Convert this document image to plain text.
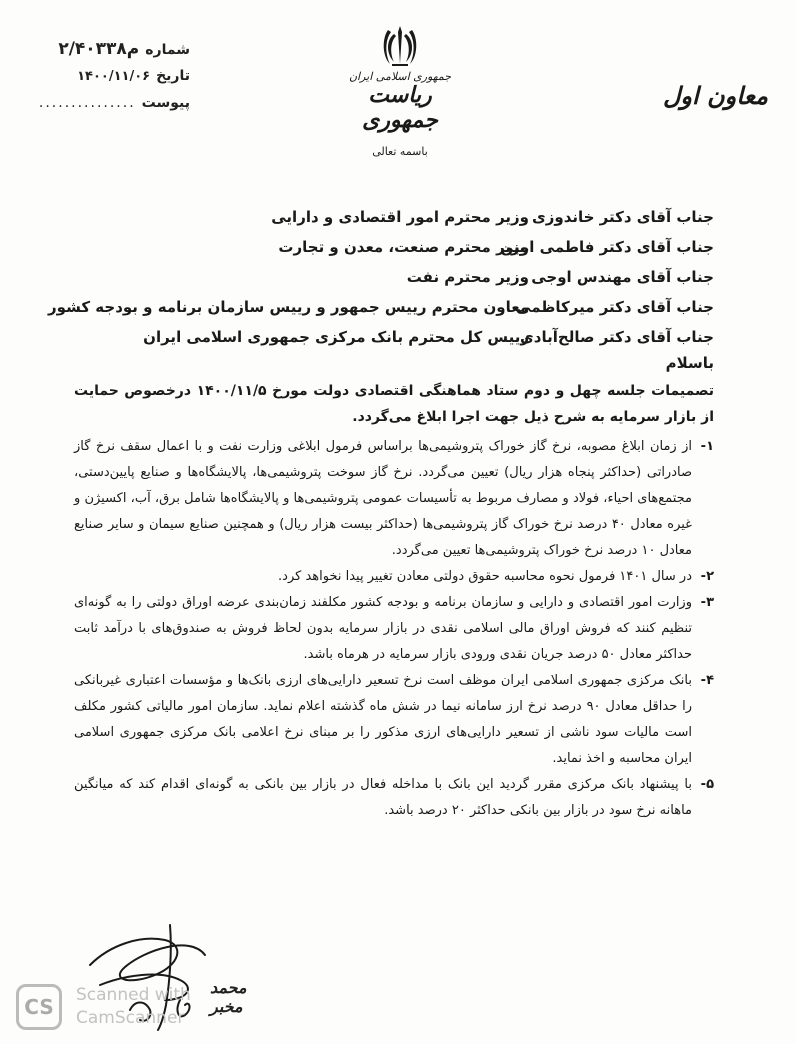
شماره
۲/۴۰۳۳۸م
تاریخ
۱۴۰۰/۱۱/۰۶
پیوست
...............
جمهوری اسلامی ایران
ریاست جمهوری
باسمه تعالی
معاون اول
جناب آقای دکتر خاندوزی
وزیر محترم امور اقتصادی و دارایی
جناب آقای دکتر فاطمی امین
وزیر محترم صنعت، معدن و تجارت
جناب آقای مهندس اوجی
وزیر محترم نفت
جناب آقای دکتر میرکاظمی
معاون محترم رییس جمهور و رییس سازمان برنامه و بودجه کشور
جناب آقای دکتر صالح‌آبادی
رییس کل محترم بانک مرکزی جمهوری اسلامی ایران
باسلام
تصمیمات جلسه چهل و دوم ستاد هماهنگی اقتصادی دولت مورخ ۱۴۰۰/۱۱/۵ درخصوص حمایت از بازار سرمایه به شرح ذیل جهت اجرا ابلاغ می‌گردد.
۱-
از زمان ابلاغ مصوبه، نرخ گاز خوراک پتروشیمی‌ها براساس فرمول ابلاغی وزارت نفت و با اعمال سقف نرخ گاز صادراتی (حداکثر پنجاه هزار ریال) تعیین می‌گردد. نرخ گاز سوخت پتروشیمی‌ها، پالایشگاه‌ها و صنایع پایین‌دستی، مجتمع‌های احیاء، فولاد و مصارف مربوط به تأسیسات عمومی پتروشیمی‌ها و پالایشگاه‌ها شامل برق، آب، اکسیژن و غیره معادل ۴۰ درصد نرخ خوراک گاز پتروشیمی‌ها (حداکثر بیست هزار ریال) و همچنین صنایع سیمان و سایر صنایع معادل ۱۰ درصد نرخ خوراک پتروشیمی‌ها تعیین می‌گردد.
۲-
در سال ۱۴۰۱ فرمول نحوه محاسبه حقوق دولتی معادن تغییر پیدا نخواهد کرد.
۳-
وزارت امور اقتصادی و دارایی و سازمان برنامه و بودجه کشور مکلفند زمان‌بندی عرضه اوراق دولتی را به گونه‌ای تنظیم کنند که فروش اوراق مالی اسلامی نقدی در بازار سرمایه بدون لحاظ فروش به صندوق‌های با درآمد ثابت حداکثر معادل ۵۰ درصد جریان نقدی ورودی بازار سرمایه در هرماه باشد.
۴-
بانک مرکزی جمهوری اسلامی ایران موظف است نرخ تسعیر دارایی‌های ارزی بانک‌ها و مؤسسات اعتباری غیربانکی را حداقل معادل ۹۰ درصد نرخ ارز سامانه نیما در شش ماه گذشته اعلام نماید. سازمان امور مالیاتی کشور مکلف است مالیات سود ناشی از تسعیر دارایی‌های ارزی مذکور را بر مبنای نرخ اعلامی بانک مرکزی جمهوری اسلامی ایران محاسبه و اخذ نماید.
۵-
با پیشنهاد بانک مرکزی مقرر گردید این بانک با مداخله فعال در بازار بین بانکی به گونه‌ای اقدام کند که میانگین ماهانه نرخ سود در بازار بین بانکی حداکثر ۲۰ درصد باشد.
محمد مخبر
CS	Scanned with
CamScanner
